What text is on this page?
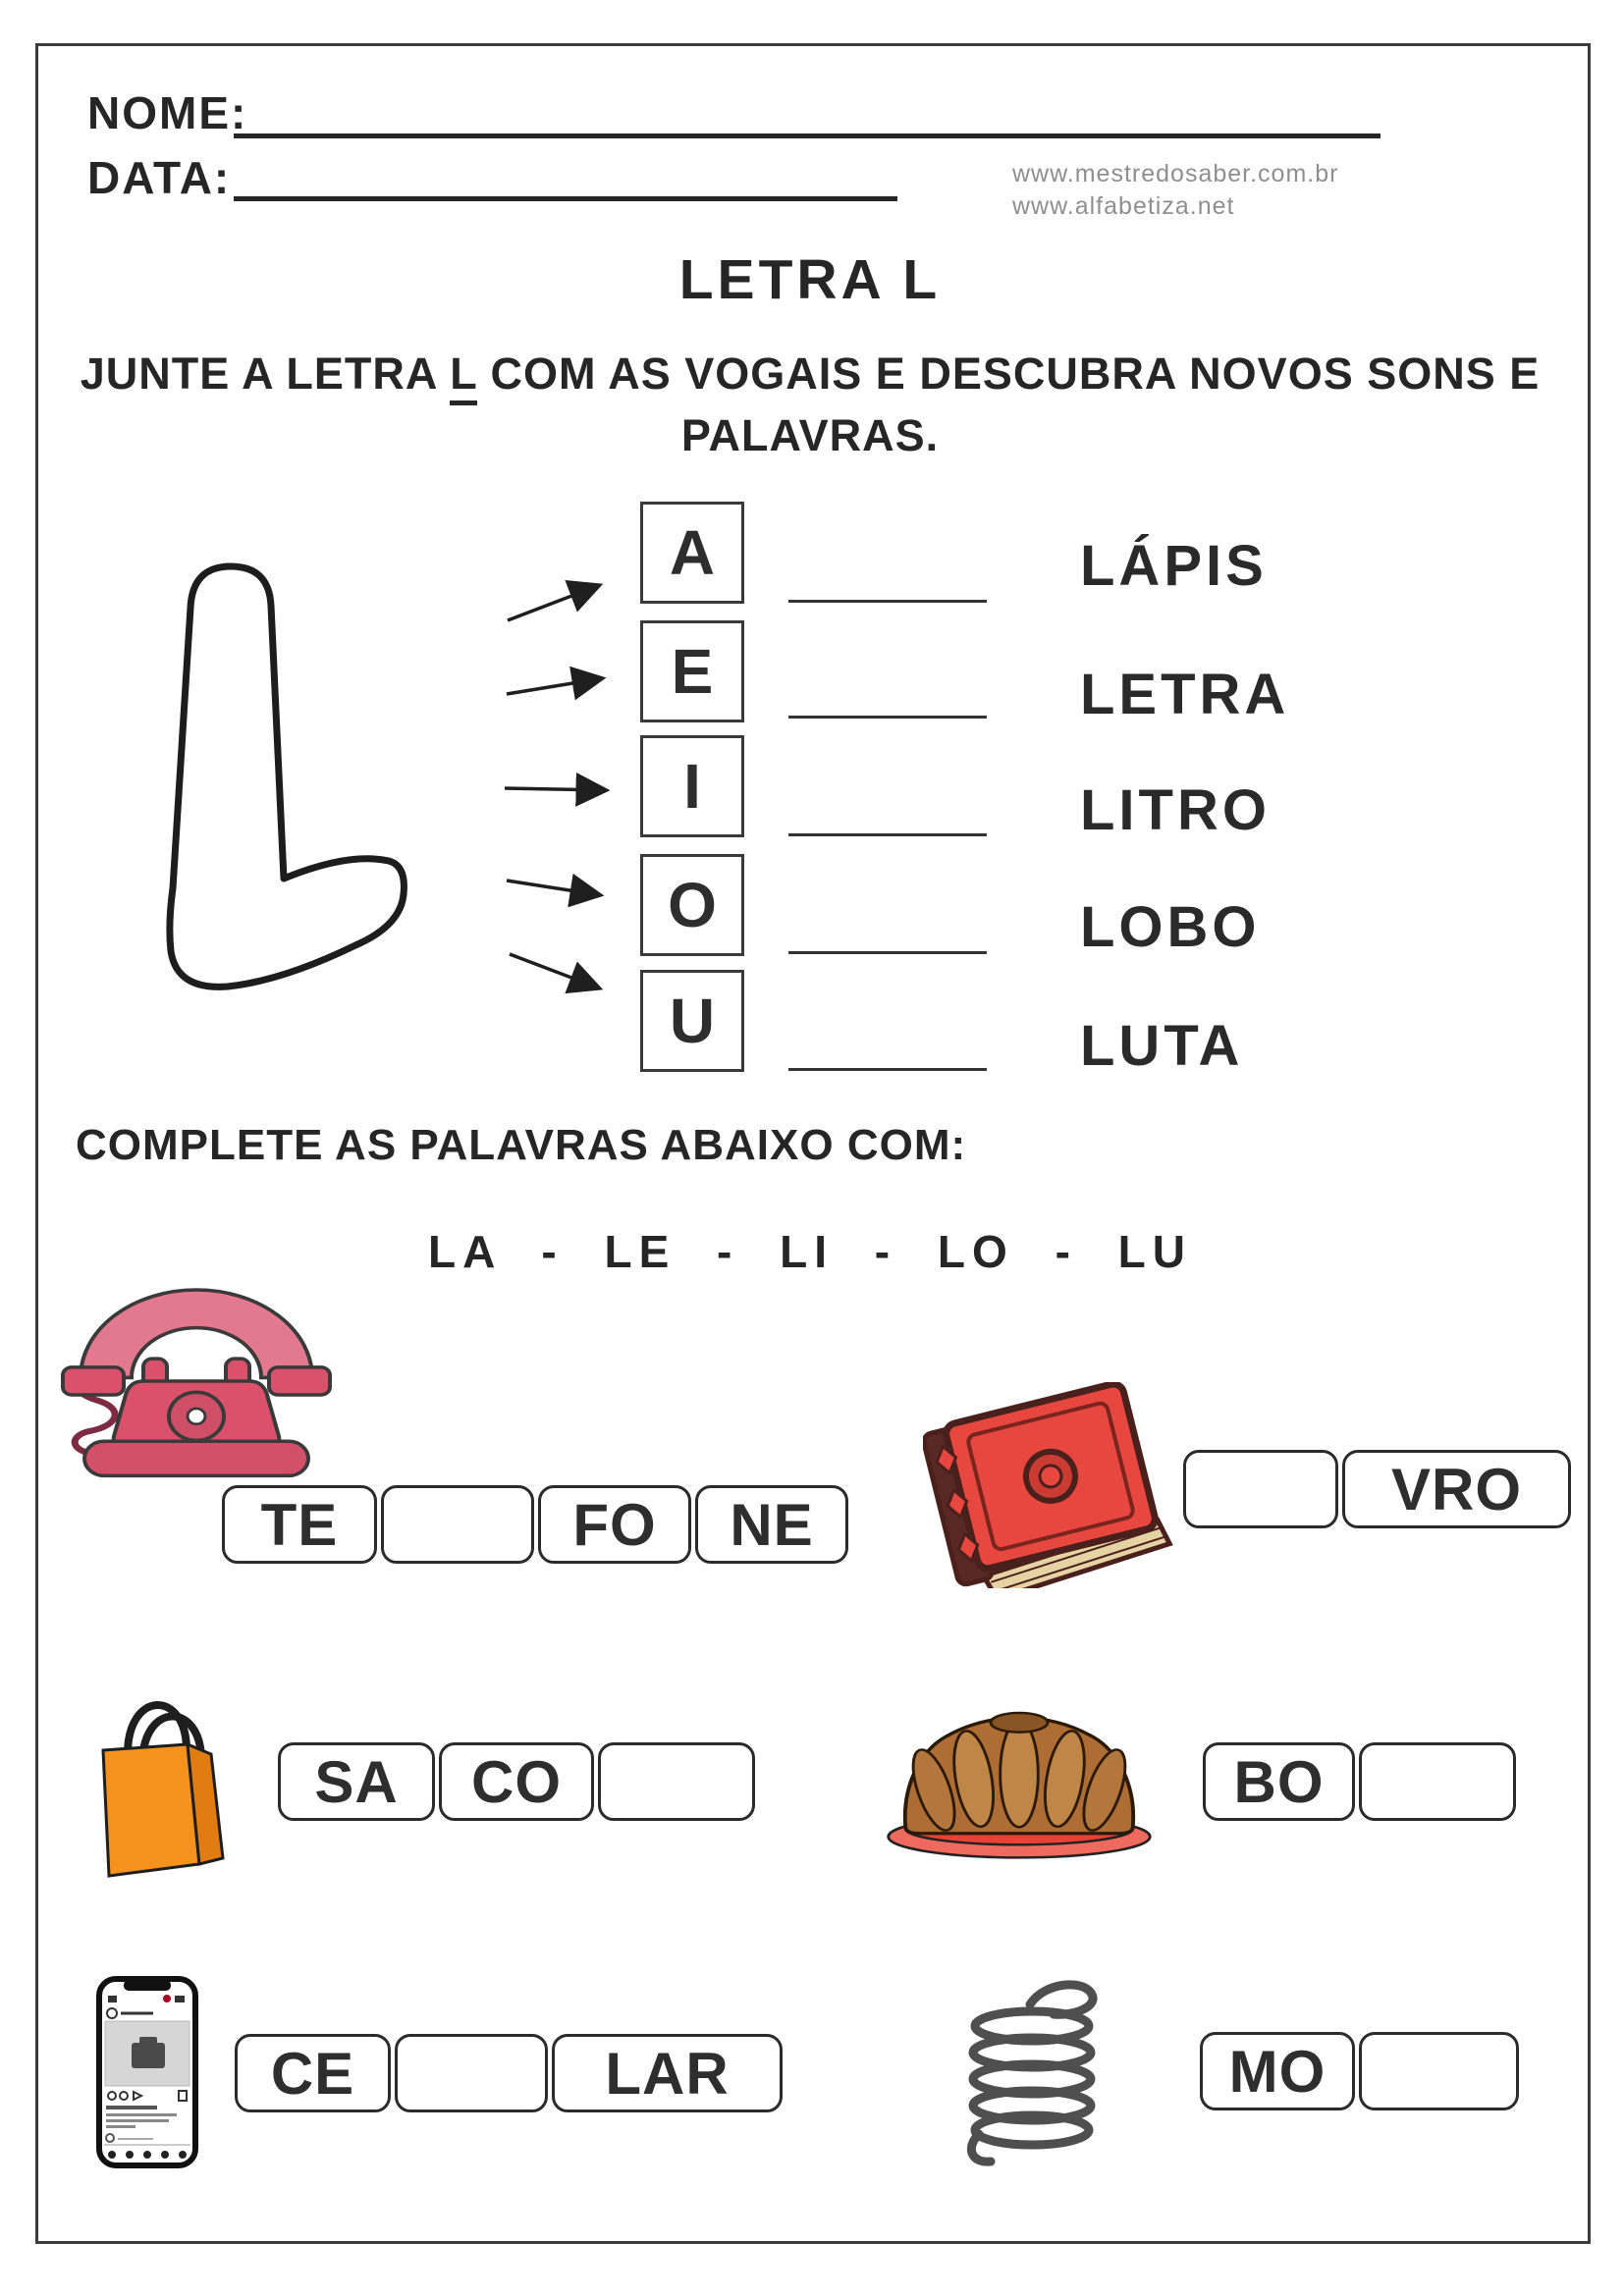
NOME:
DATA:	www.mestredosaber.com.br
www.alfabetiza.net
LETRA L
JUNTE A LETRA L COM AS VOGAIS E DESCUBRA NOVOS SONS E
PALAVRAS.
A
E
I
O
U
LÁPIS
LETRA
LITRO
LOBO
LUTA
COMPLETE AS PALAVRAS ABAIXO COM:
LA - LE - LI - LO - LU
TE	FO	NE
VRO
SA	CO	BO
CE	LAR	MO
